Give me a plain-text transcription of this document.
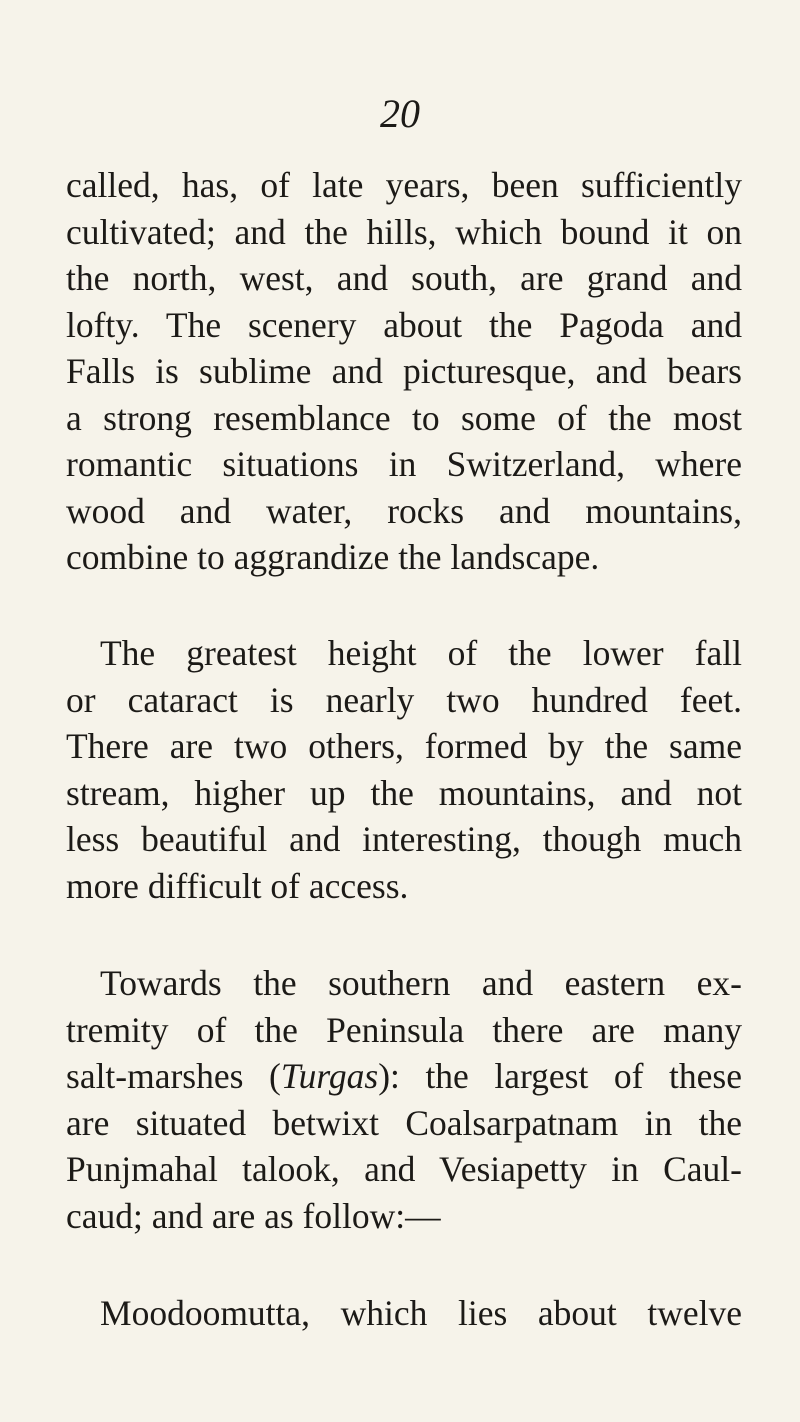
20
called, has, of late years, been sufficiently
cultivated; and the hills, which bound it on
the north, west, and south, are grand and
lofty. The scenery about the Pagoda and
Falls is sublime and picturesque, and bears
a strong resemblance to some of the most
romantic situations in Switzerland, where
wood and water, rocks and mountains,
combine to aggrandize the landscape.
The greatest height of the lower fall
or cataract is nearly two hundred feet.
There are two others, formed by the same
stream, higher up the mountains, and not
less beautiful and interesting, though much
more difficult of access.
Towards the southern and eastern ex-
tremity of the Peninsula there are many
salt-marshes (Turgas): the largest of these
are situated betwixt Coalsarpatnam in the
Punjmahal talook, and Vesiapetty in Caul-
caud; and are as follow:—
Moodoomutta, which lies about twelve
